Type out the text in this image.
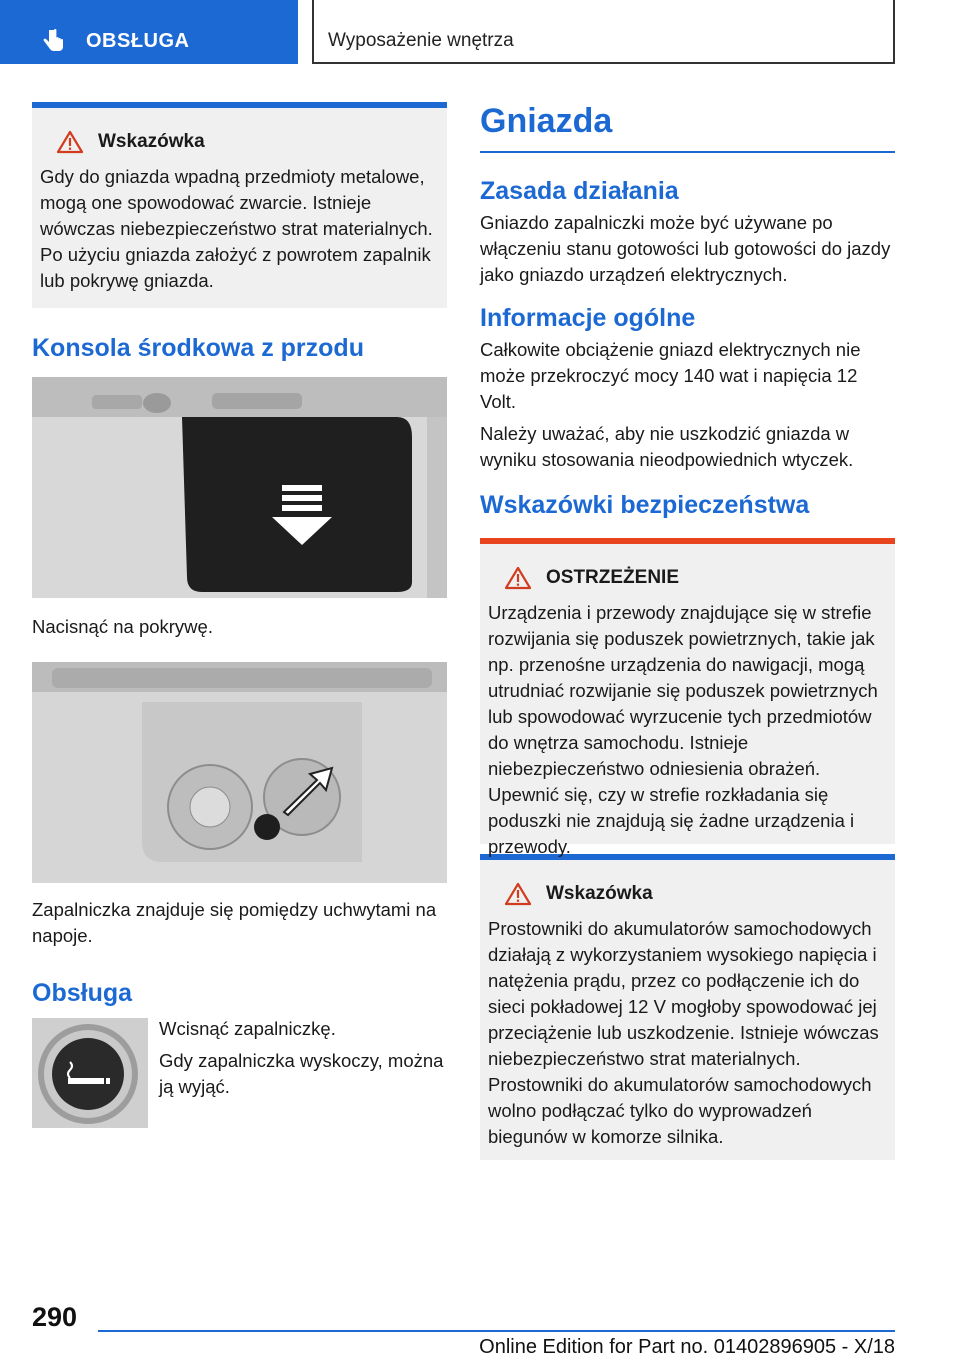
OBSŁUGA	Wyposażenie wnętrza
Wskazówka

Gdy do gniazda wpadną przedmioty metalowe, mogą one spowodować zwarcie. Istnieje wówczas niebezpieczeństwo strat materialnych. Po użyciu gniazda założyć z powrotem zapalnik lub pokrywę gniazda.

Konsola środkowa z przodu

Nacisnąć na pokrywę.

Zapalniczka znajduje się pomiędzy uchwytami na napoje.

Obsługa

Wcisnąć zapalniczkę.

Gdy zapalniczka wyskoczy, można ją wyjąć.

Gniazda
Zasada działania

Gniazdo zapalniczki może być używane po włączeniu stanu gotowości lub gotowości do jazdy jako gniazdo urządzeń elektrycznych.

Informacje ogólne

Całkowite obciążenie gniazd elektrycznych nie może przekroczyć mocy 140 wat i napięcia 12 Volt.

Należy uważać, aby nie uszkodzić gniazda w wyniku stosowania nieodpowiednich wtyczek.

Wskazówki bezpieczeństwa
OSTRZEŻENIE

Urządzenia i przewody znajdujące się w strefie rozwijania się poduszek powietrznych, takie jak np. przenośne urządzenia do nawigacji, mogą utrudniać rozwijanie się poduszek powietrznych lub spowodować wyrzucenie tych przedmiotów do wnętrza samochodu. Istnieje niebezpieczeństwo odniesienia obrażeń. Upewnić się, czy w strefie rozkładania się poduszki nie znajdują się żadne urządzenia i przewody.

Wskazówka

Prostowniki do akumulatorów samochodowych działają z wykorzystaniem wysokiego napięcia i natężenia prądu, przez co podłączenie ich do sieci pokładowej 12 V mogłoby spowodować jej przeciążenie lub uszkodzenie. Istnieje wówczas niebezpieczeństwo strat materialnych. Prostowniki do akumulatorów samochodowych wolno podłączać tylko do wyprowadzeń biegunów w komorze silnika.

290
Online Edition for Part no. 01402896905 - X/18
